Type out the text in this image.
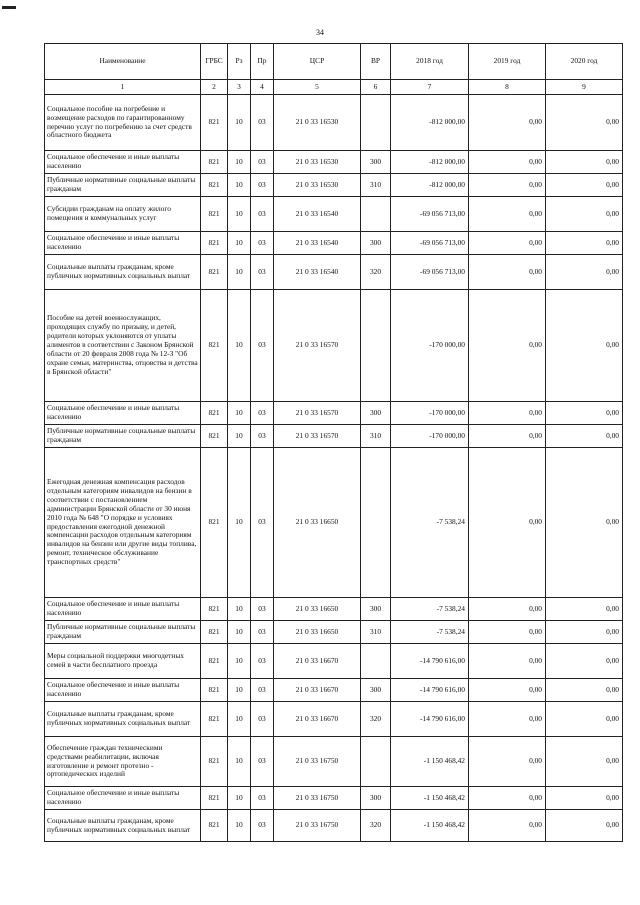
34
Наименование	ГРБС	Рз	Пр	ЦСР	ВР	2018 год	2019 год	2020 год
1	2	3	4	5	6	7	8	9
Социальное пособие на погребение и возмещение расходов по гарантированному перечню услуг по погребению за счет средств областного бюджета	821	10	03	21 0 33 16530		-812 000,00	0,00	0,00
Социальное обеспечение и иные выплаты населению	821	10	03	21 0 33 16530	300	-812 000,00	0,00	0,00
Публичные нормативные социальные выплаты гражданам	821	10	03	21 0 33 16530	310	-812 000,00	0,00	0,00
Субсидии гражданам на оплату жилого помещения и коммунальных услуг	821	10	03	21 0 33 16540		-69 056 713,00	0,00	0,00
Социальное обеспечение и иные выплаты населению	821	10	03	21 0 33 16540	300	-69 056 713,00	0,00	0,00
Социальные выплаты гражданам, кроме публичных нормативных социальных выплат	821	10	03	21 0 33 16540	320	-69 056 713,00	0,00	0,00
Пособие на детей военнослужащих, проходящих службу по призыву, и детей, родители которых уклоняются от уплаты алиментов в соответствии с Законом Брянской области от 20 февраля 2008 года № 12-З "Об охране семьи, материнства, отцовства и детства в Брянской области"	821	10	03	21 0 33 16570		-170 000,00	0,00	0,00
Социальное обеспечение и иные выплаты населению	821	10	03	21 0 33 16570	300	-170 000,00	0,00	0,00
Публичные нормативные социальные выплаты гражданам	821	10	03	21 0 33 16570	310	-170 000,00	0,00	0,00
Ежегодная денежная компенсация расходов отдельным категориям инвалидов на бензин в соответствии с постановлением администрации Брянской области от 30 июня 2010 года № 648 "О порядке и условиях предоставления ежегодной денежной компенсации расходов отдельным категориям инвалидов на бензин или другие виды топлива, ремонт, техническое обслуживание транспортных средств"	821	10	03	21 0 33 16650		-7 538,24	0,00	0,00
Социальное обеспечение и иные выплаты населению	821	10	03	21 0 33 16650	300	-7 538,24	0,00	0,00
Публичные нормативные социальные выплаты гражданам	821	10	03	21 0 33 16650	310	-7 538,24	0,00	0,00
Меры социальной поддержки многодетных семей в части бесплатного проезда	821	10	03	21 0 33 16670		-14 790 616,00	0,00	0,00
Социальное обеспечение и иные выплаты населению	821	10	03	21 0 33 16670	300	-14 790 616,00	0,00	0,00
Социальные выплаты гражданам, кроме публичных нормативных социальных выплат	821	10	03	21 0 33 16670	320	-14 790 616,00	0,00	0,00
Обеспечение граждан техническими средствами реабилитации, включая изготовление и ремонт протезно - ортопедических изделий	821	10	03	21 0 33 16750		-1 150 468,42	0,00	0,00
Социальное обеспечение и иные выплаты населению	821	10	03	21 0 33 16750	300	-1 150 468,42	0,00	0,00
Социальные выплаты гражданам, кроме публичных нормативных социальных выплат	821	10	03	21 0 33 16750	320	-1 150 468,42	0,00	0,00
